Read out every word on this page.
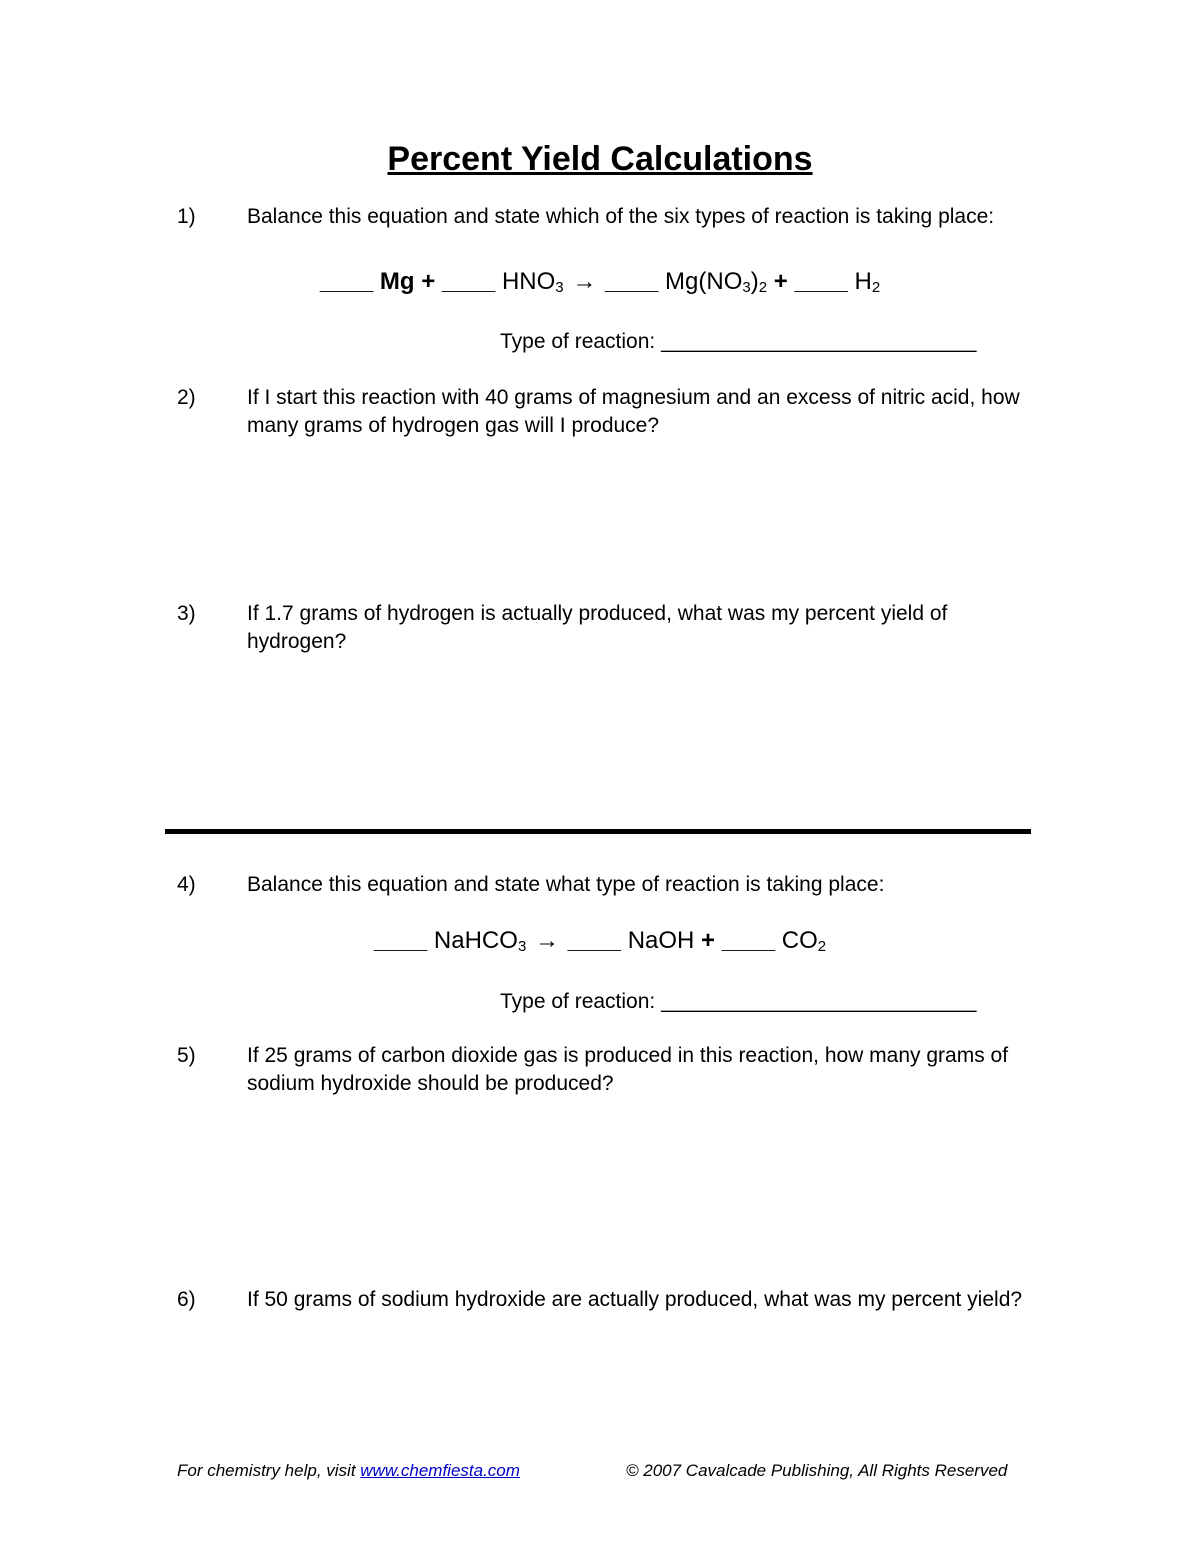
Percent Yield Calculations
1) Balance this equation and state which of the six types of reaction is taking place:
____ Mg + ____ $HNO_3$ → ____ $Mg(NO_3)_2$ + ____ $H_2$
Type of reaction: ___________________________
2) If I start this reaction with 40 grams of magnesium and an excess of nitric acid, how many grams of hydrogen gas will I produce?
3) If 1.7 grams of hydrogen is actually produced, what was my percent yield of hydrogen?
4) Balance this equation and state what type of reaction is taking place:
____ NaHCO$_3$ → ____ NaOH + ____ $CO_2$
Type of reaction: ___________________________
5) If 25 grams of carbon dioxide gas is produced in this reaction, how many grams of sodium hydroxide should be produced?
6) If 50 grams of sodium hydroxide are actually produced, what was my percent yield?
For chemistry help, visit www.chemfiesta.com	© 2007 Cavalcade Publishing, All Rights Reserved
